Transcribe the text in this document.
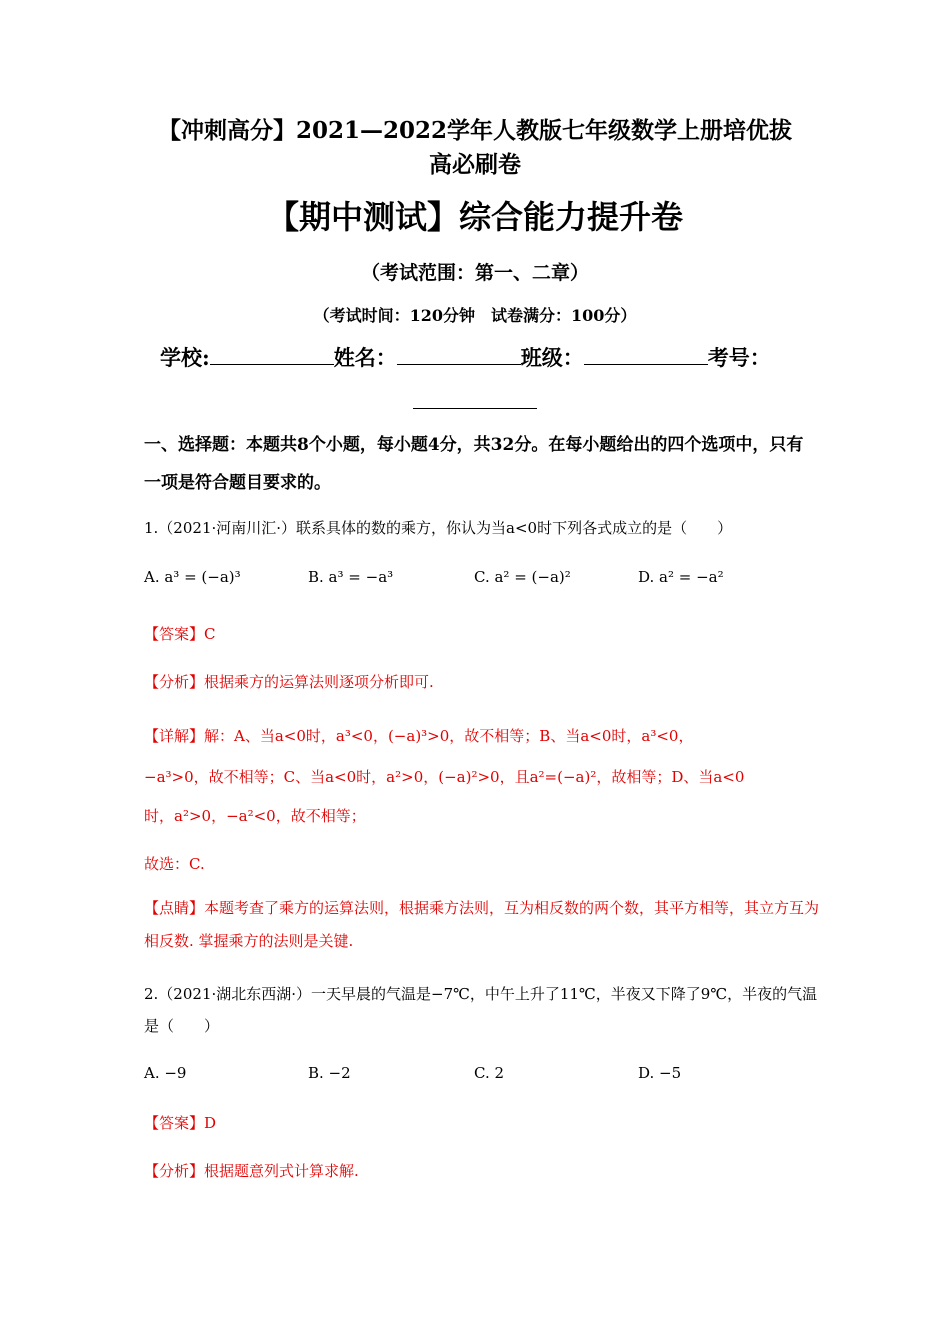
【冲刺高分】2021—2022学年人教版七年级数学上册培优拔
高必刷卷
【期中测试】综合能力提升卷
（考试范围：第一、二章）
（考试时间：120分钟　试卷满分：100分）
学校:	姓名：	班级：	考号：
一、选择题：本题共8个小题，每小题4分，共32分。在每小题给出的四个选项中，只有一项是符合题目要求的。
1.（2021·河南川汇·）联系具体的数的乘方，你认为当a<0时下列各式成立的是（　　）
A. a³ = (−a)³	B. a³ = −a³	C. a² = (−a)²	D. a² = −a²
【答案】C
【分析】根据乘方的运算法则逐项分析即可.
【详解】解：A、当a<0时，a³<0，(−a)³>0，故不相等；B、当a<0时，a³<0，
−a³>0，故不相等；C、当a<0时，a²>0，(−a)²>0，且a²=(−a)²，故相等；D、当a<0
时，a²>0，−a²<0，故不相等；
故选：C.
【点睛】本题考查了乘方的运算法则，根据乘方法则，互为相反数的两个数，其平方相等，其立方互为相反数. 掌握乘方的法则是关键.
2.（2021·湖北东西湖·）一天早晨的气温是−7℃，中午上升了11℃，半夜又下降了9℃，半夜的气温是（　　）
A. −9	B. −2	C. 2	D. −5
【答案】D
【分析】根据题意列式计算求解.
